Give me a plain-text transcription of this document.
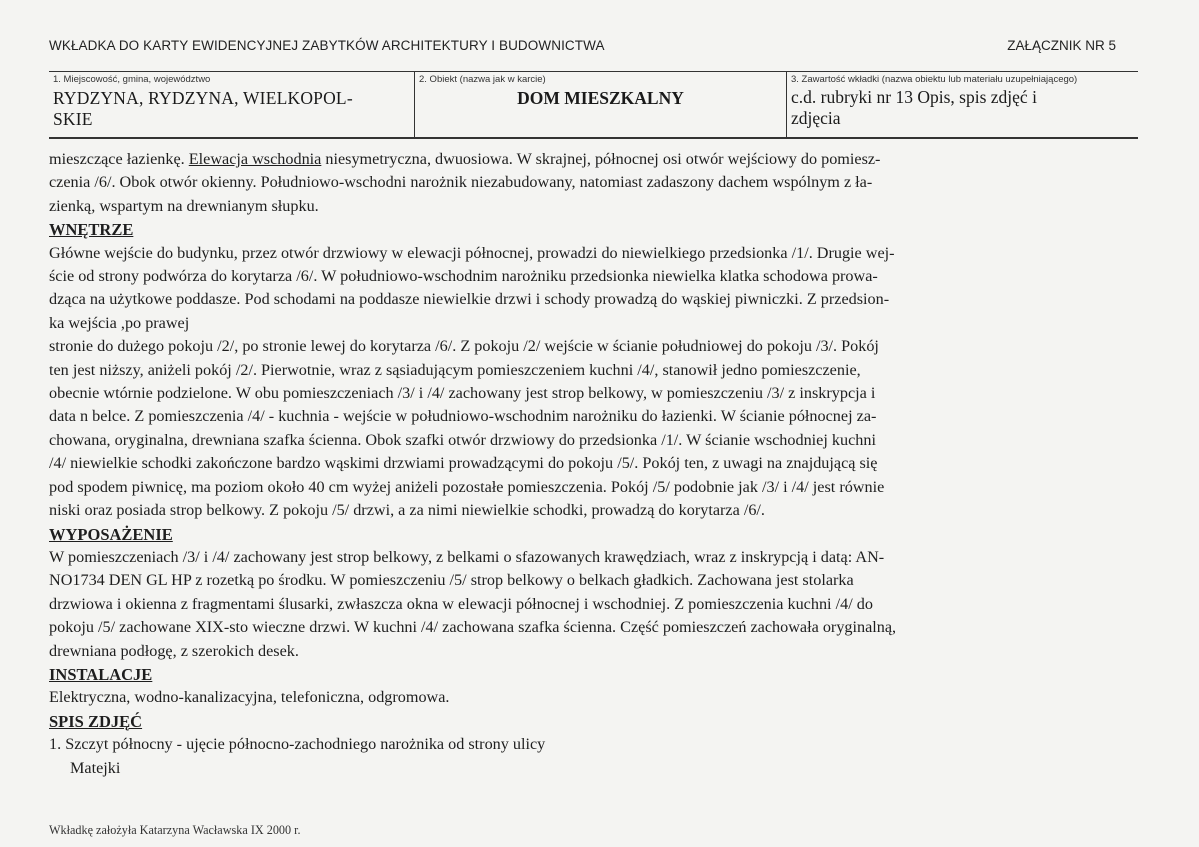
WKŁADKA DO KARTY EWIDENCYJNEJ ZABYTKÓW ARCHITEKTURY I BUDOWNICTWA	ZAŁĄCZNIK NR 5
1. Miejscowość, gmina, województwo
RYDZYNA, RYDZYNA, WIELKOPOL-
SKIE
2. Obiekt (nazwa jak w karcie)
DOM MIESZKALNY
3. Zawartość wkładki (nazwa obiektu lub materiału uzupełniającego)
c.d. rubryki nr 13 Opis, spis zdjęć i
zdjęcia

mieszczące łazienkę. Elewacja wschodnia niesymetryczna, dwuosiowa. W skrajnej, północnej osi otwór wejściowy do pomiesz-

czenia /6/. Obok otwór okienny. Południowo-wschodni narożnik niezabudowany, natomiast zadaszony dachem wspólnym z ła-

zienką, wspartym na drewnianym słupku.

WNĘTRZE

Główne wejście do budynku, przez otwór drzwiowy w elewacji północnej, prowadzi do niewielkiego przedsionka /1/. Drugie wej-

ście od strony podwórza do korytarza /6/. W południowo-wschodnim narożniku przedsionka niewielka klatka schodowa prowa-

dząca na użytkowe poddasze. Pod schodami na poddasze niewielkie drzwi i schody prowadzą do wąskiej piwniczki. Z przedsion-

ka wejścia ,po prawej

stronie do dużego pokoju /2/, po stronie lewej do korytarza /6/. Z pokoju /2/ wejście w ścianie południowej do pokoju /3/. Pokój

ten jest niższy, aniżeli pokój /2/. Pierwotnie, wraz z sąsiadującym pomieszczeniem kuchni /4/, stanowił jedno pomieszczenie,

obecnie wtórnie podzielone. W obu pomieszczeniach /3/ i /4/ zachowany jest strop belkowy, w pomieszczeniu /3/ z inskrypcja i

data n belce. Z pomieszczenia /4/ - kuchnia - wejście w południowo-wschodnim narożniku do łazienki. W ścianie północnej za-

chowana, oryginalna, drewniana szafka ścienna. Obok szafki otwór drzwiowy do przedsionka /1/. W ścianie wschodniej kuchni

/4/ niewielkie schodki zakończone bardzo wąskimi drzwiami prowadzącymi do pokoju /5/. Pokój ten, z uwagi na znajdującą się

pod spodem piwnicę, ma poziom około 40 cm wyżej aniżeli pozostałe pomieszczenia. Pokój /5/ podobnie jak /3/ i /4/ jest równie

niski oraz posiada strop belkowy. Z pokoju /5/ drzwi, a za nimi niewielkie schodki, prowadzą do korytarza /6/.

WYPOSAŻENIE

W pomieszczeniach /3/ i /4/ zachowany jest strop belkowy, z belkami o sfazowanych krawędziach, wraz z inskrypcją i datą: AN-

NO1734 DEN GL HP z rozetką po środku. W pomieszczeniu /5/ strop belkowy o belkach gładkich. Zachowana jest stolarka

drzwiowa i okienna z fragmentami ślusarki, zwłaszcza okna w elewacji północnej i wschodniej. Z pomieszczenia kuchni /4/ do

pokoju /5/ zachowane XIX-sto wieczne drzwi. W kuchni /4/ zachowana szafka ścienna. Część pomieszczeń zachowała oryginalną,

drewniana podłogę, z szerokich desek.

INSTALACJE

Elektryczna, wodno-kanalizacyjna, telefoniczna, odgromowa.

SPIS ZDJĘĆ

1. Szczyt północny - ujęcie północno-zachodniego narożnika od strony ulicy

Matejki

Wkładkę założyła Katarzyna Wacławska IX 2000 r.
